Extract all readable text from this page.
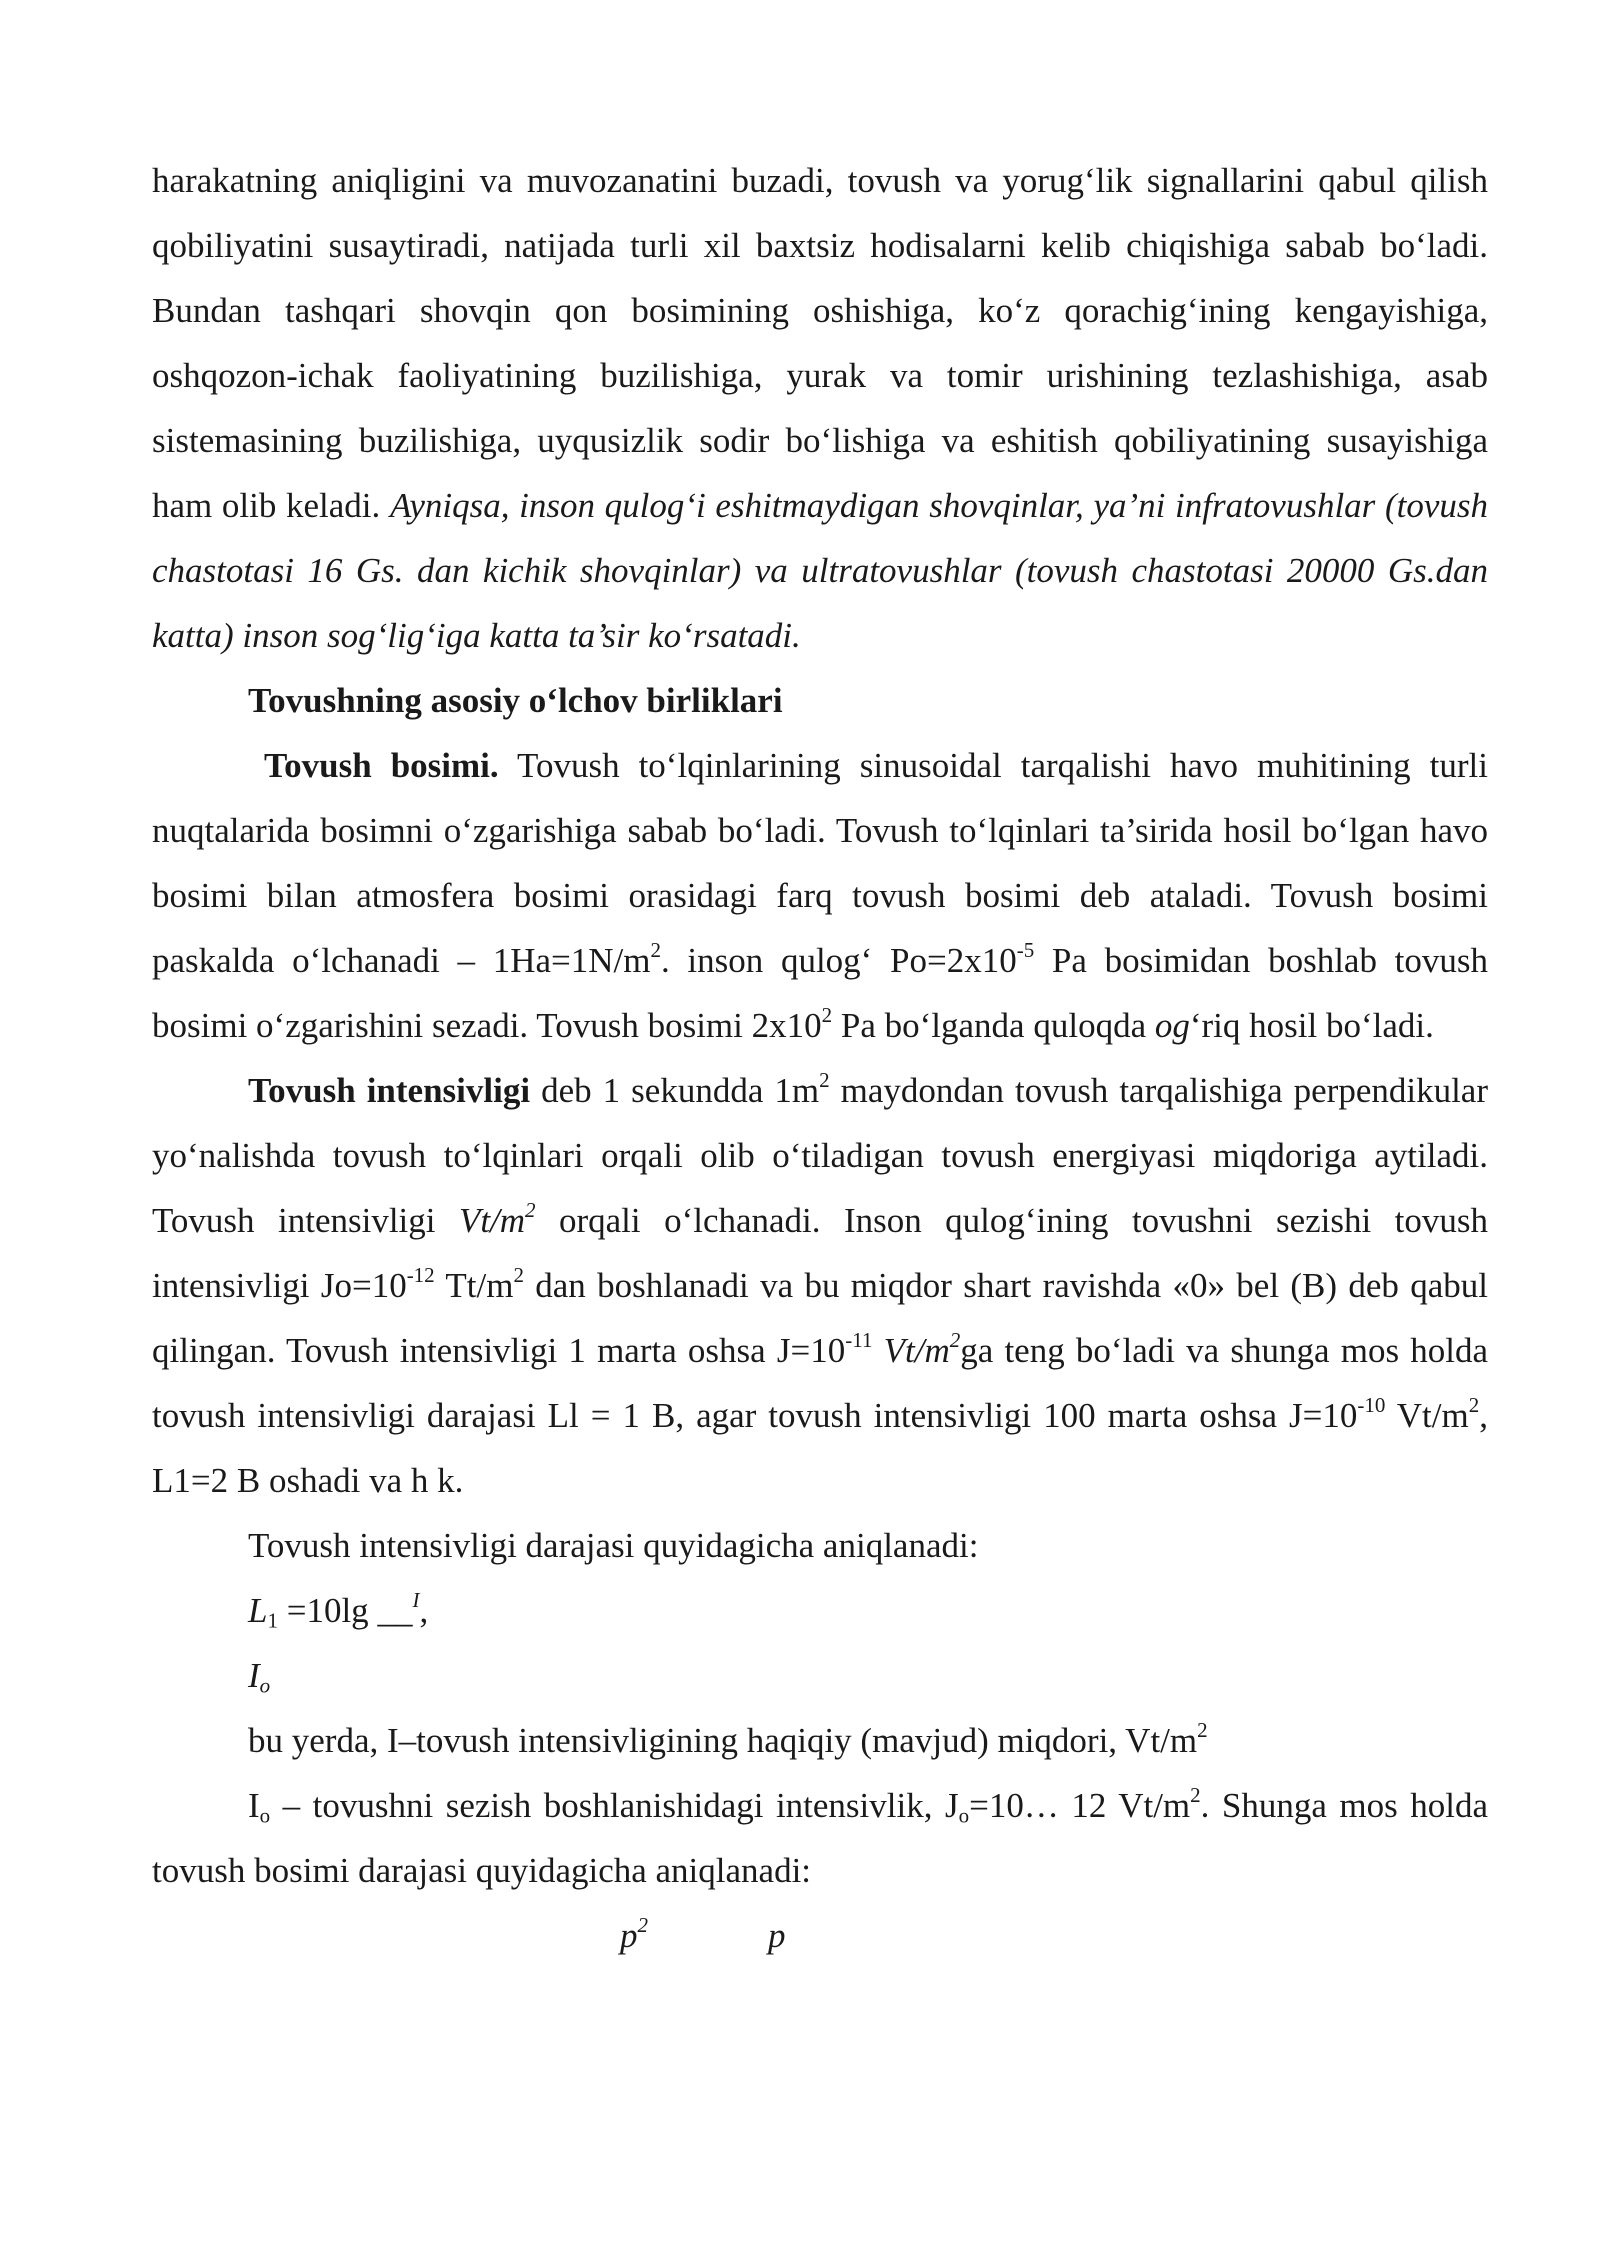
harakatning aniqligini va muvozanatini buzadi, tovush va yorug‘lik signallarini qabul qilish qobiliyatini susaytiradi, natijada turli xil baxtsiz hodisalarni kelib chiqishiga sabab bo‘ladi. Bundan tashqari shovqin qon bosimining oshishiga, ko‘z qorachig‘ining kengayishiga, oshqozon-ichak faoliyatining buzilishiga, yurak va tomir urishining tezlashishiga, asab sistemasining buzilishiga, uyqusizlik sodir bo‘lishiga va eshitish qobiliyatining susayishiga ham olib keladi. Ayniqsa, inson qulog‘i eshitmaydigan shovqinlar, ya’ni infratovushlar (tovush chastotasi 16 Gs. dan kichik shovqinlar) va ultratovushlar (tovush chastotasi 20000 Gs.dan katta) inson sog‘lig‘iga katta ta’sir ko‘rsatadi.

Tovushning asosiy o‘lchov birliklari

Tovush bosimi. Tovush to‘lqinlarining sinusoidal tarqalishi havo muhitining turli nuqtalarida bosimni o‘zgarishiga sabab bo‘ladi. Tovush to‘lqinlari ta’sirida hosil bo‘lgan havo bosimi bilan atmosfera bosimi orasidagi farq tovush bosimi deb ataladi. Tovush bosimi paskalda o‘lchanadi – $1Ha=1N/m^2$. inson qulog‘ $Po=2x10^{-5}$ Pa bosimidan boshlab tovush bosimi o‘zgarishini sezadi. Tovush bosimi $2x10^2$ Pa bo‘lganda quloqda og‘riq hosil bo‘ladi.

Tovush intensivligi deb 1 sekundda $1m^2$ maydondan tovush tarqalishiga perpendikular yo‘nalishda tovush to‘lqinlari orqali olib o‘tiladigan tovush energiyasi miqdoriga aytiladi. Tovush intensivligi $Vt/m^2$ orqali o‘lchanadi. Inson qulog‘ining tovushni sezishi tovush intensivligi $Jo=10^{-12}$ $Tt/m^2$ dan boshlanadi va bu miqdor shart ravishda «0» bel (B) deb qabul qilingan. Tovush intensivligi 1 marta oshsa $J=10^{-11}$ $Vt/m^2ga$ teng bo‘ladi va shunga mos holda tovush intensivligi darajasi Ll = 1 B, agar tovush intensivligi 100 marta oshsa $J=10^{-10}$ $Vt/m^2$, L1=2 B oshadi va h k.

Tovush intensivligi darajasi quyidagicha aniqlanadi:

$L_1 =10\lg$ __$^I$,

$I_o$

bu yerda, I–tovush intensivligining haqiqiy (mavjud) miqdori, $Vt/m^2$

$I_o$ – tovushni sezish boshlanishidagi intensivlik, $J_o=10\dots$ 12 $Vt/m^2$. Shunga mos holda tovush bosimi darajasi quyidagicha aniqlanadi:

$p^2$	p
